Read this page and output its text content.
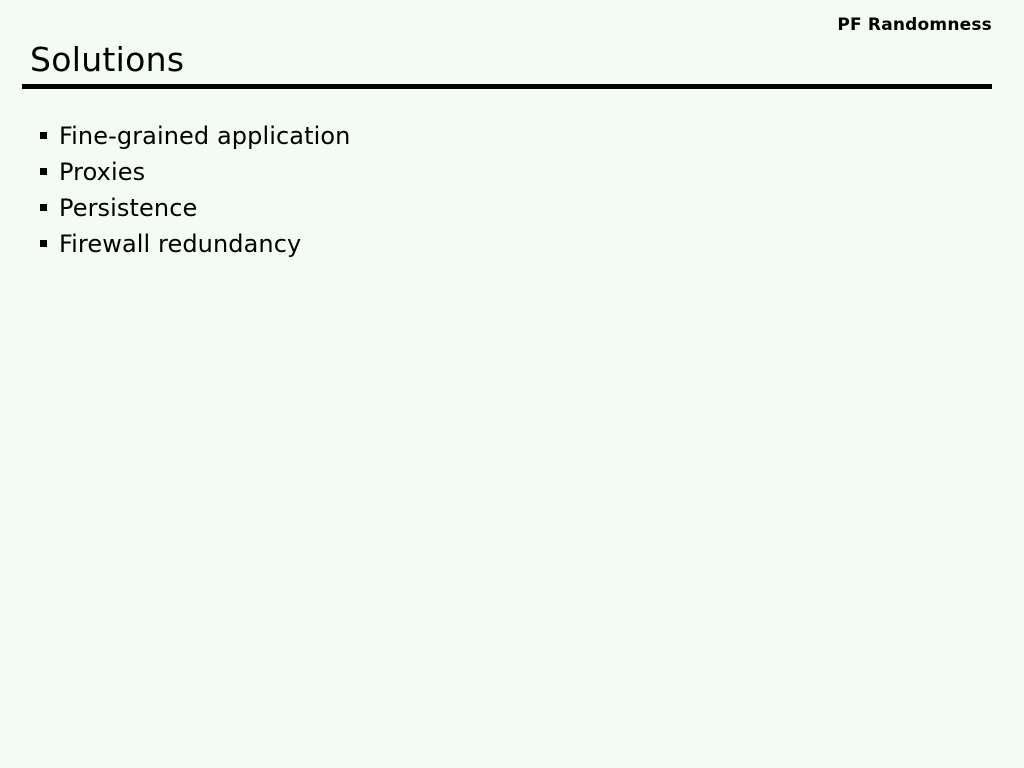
PF Randomness
Solutions
Fine-grained application
Proxies
Persistence
Firewall redundancy
